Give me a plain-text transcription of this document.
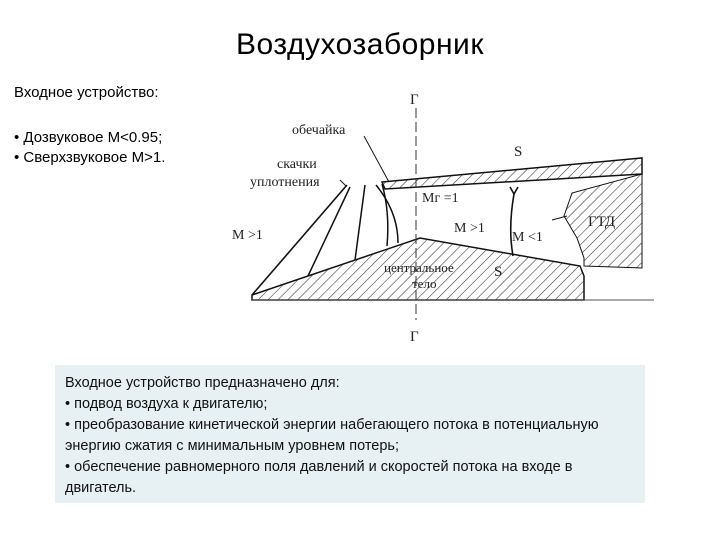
Воздухозаборник
Входное устройство:
• Дозвуковое М<0.95;
• Сверхзвуковое М>1.
Г
Г
обечайка
скачки
уплотнения
S
S
Mг =1
M >1	M >1
M <1
ГТД
центральное
тело
Входное устройство предназначено для:
• подвод воздуха к двигателю;
• преобразование кинетической энергии набегающего потока в потенциальную энергию сжатия с минимальным уровнем потерь;
• обеспечение равномерного поля давлений и скоростей потока на входе в двигатель.
